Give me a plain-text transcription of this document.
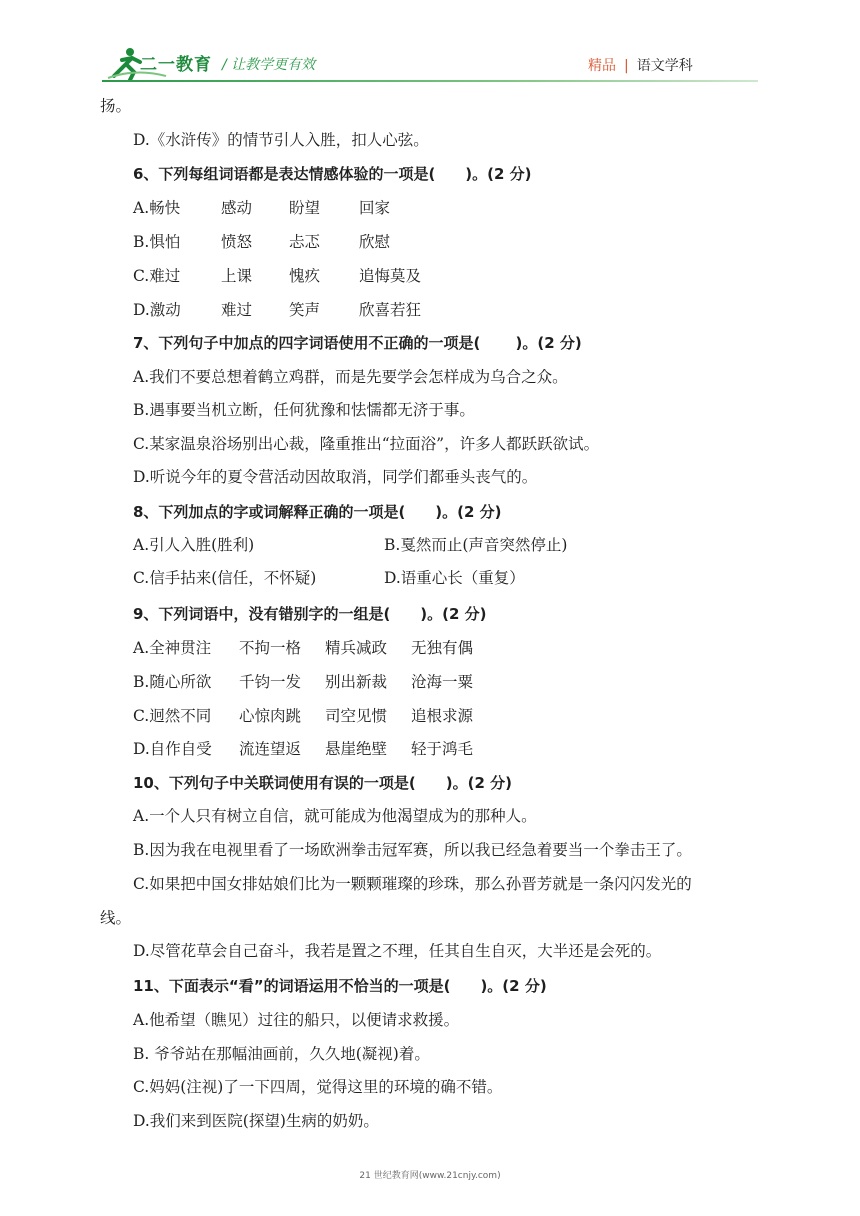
二一教育 / 让教学更有效	精品 | 语文学科
扬。
D.《水浒传》的情节引人入胜，扣人心弦。
6、下列每组词语都是表达情感体验的一项是(　　)。(2 分)
A.畅快	感动 盼望	回家
B.惧怕	愤怒 忐忑	欣慰
C.难过	上课 愧疚	追悔莫及
D.激动	难过 笑声	欣喜若狂
7、下列句子中加点的四字词语使用不正确的一项是(　　 )。(2 分)
A.我们不要总想着鹤立鸡群，而是先要学会怎样成为乌合之众。
B.遇事要当机立断，任何犹豫和怯懦都无济于事。
C.某家温泉浴场别出心裁，隆重推出“拉面浴”，许多人都跃跃欲试。
D.听说今年的夏令营活动因故取消，同学们都垂头丧气的。
8、下列加点的字或词解释正确的一项是(　　)。(2 分)
A.引人入胜(胜利)	B.戛然而止(声音突然停止)
C.信手拈来(信任，不怀疑)	D.语重心长（重复）
9、下列词语中，没有错别字的一组是(　　)。(2 分)
A.全神贯注 不拘一格 精兵减政 无独有偶
B.随心所欲 千钧一发 别出新裁 沧海一粟
C.迥然不同 心惊肉跳 司空见惯 追根求源
D.自作自受 流连望返 悬崖绝壁 轻于鸿毛
10、下列句子中关联词使用有误的一项是(　　)。(2 分)
A.一个人只有树立自信，就可能成为他渴望成为的那种人。
B.因为我在电视里看了一场欧洲拳击冠军赛，所以我已经急着要当一个拳击王了。
C.如果把中国女排姑娘们比为一颗颗璀璨的珍珠，那么孙晋芳就是一条闪闪发光的
线。
D.尽管花草会自己奋斗，我若是置之不理，任其自生自灭，大半还是会死的。
11、下面表示“看”的词语运用不恰当的一项是(　　)。(2 分)
A.他希望（瞧见）过往的船只，以便请求救援。
B. 爷爷站在那幅油画前，久久地(凝视)着。
C.妈妈(注视)了一下四周，觉得这里的环境的确不错。
D.我们来到医院(探望)生病的奶奶。
21 世纪教育网(www.21cnjy.com)
